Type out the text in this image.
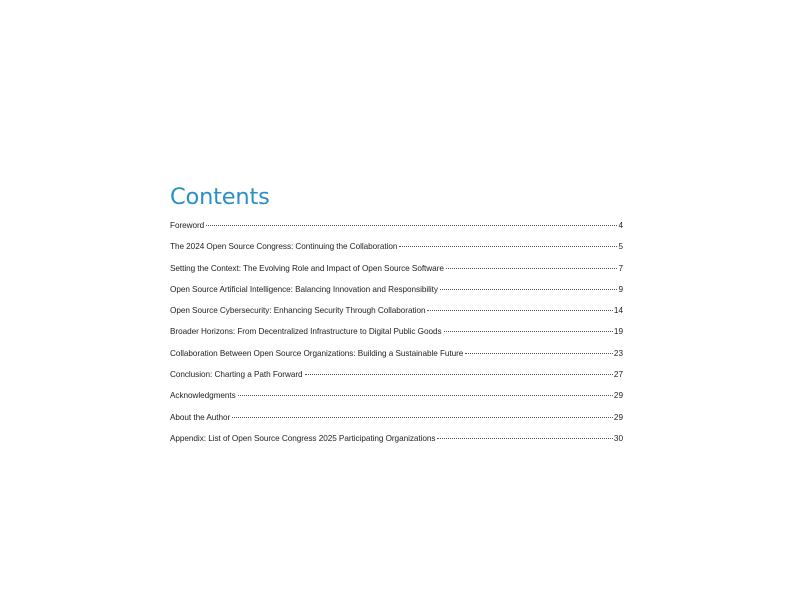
Contents
Foreword	4
The 2024 Open Source Congress: Continuing the Collaboration	5
Setting the Context: The Evolving Role and Impact of Open Source Software	7
Open Source Artificial Intelligence: Balancing Innovation and Responsibility	9
Open Source Cybersecurity: Enhancing Security Through Collaboration	14
Broader Horizons: From Decentralized Infrastructure to Digital Public Goods	19
Collaboration Between Open Source Organizations: Building a Sustainable Future	23
Conclusion: Charting a Path Forward	27
Acknowledgments	29
About the Author	29
Appendix: List of Open Source Congress 2025 Participating Organizations	30
